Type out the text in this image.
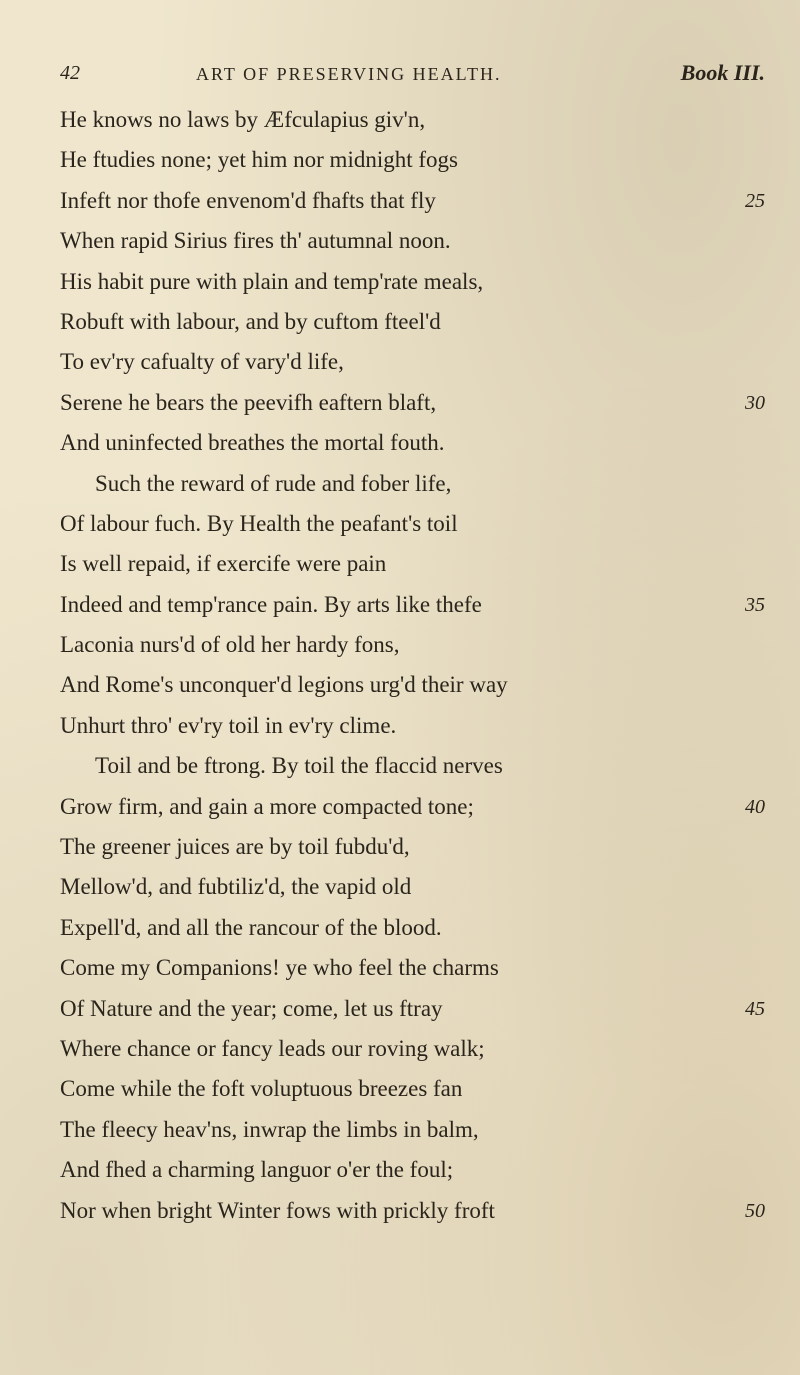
42	ART OF PRESERVING HEALTH.	Book III.
He knows no laws by Æfculapius giv'n,
He ftudies none; yet him nor midnight fogs
Infeft nor thofe envenom'd fhafts that fly	25
When rapid Sirius fires th' autumnal noon.
His habit pure with plain and temp'rate meals,
Robuft with labour, and by cuftom fteel'd
To ev'ry cafualty of vary'd life,
Serene he bears the peevifh eaftern blaft,	30
And uninfected breathes the mortal fouth.
Such the reward of rude and fober life,
Of labour fuch. By Health the peafant's toil
Is well repaid, if exercife were pain
Indeed and temp'rance pain. By arts like thefe	35
Laconia nurs'd of old her hardy fons,
And Rome's unconquer'd legions urg'd their way
Unhurt thro' ev'ry toil in ev'ry clime.
Toil and be ftrong. By toil the flaccid nerves
Grow firm, and gain a more compacted tone;	40
The greener juices are by toil fubdu'd,
Mellow'd, and fubtiliz'd, the vapid old
Expell'd, and all the rancour of the blood.
Come my Companions! ye who feel the charms
Of Nature and the year; come, let us ftray	45
Where chance or fancy leads our roving walk;
Come while the foft voluptuous breezes fan
The fleecy heav'ns, inwrap the limbs in balm,
And fhed a charming languor o'er the foul;
Nor when bright Winter fows with prickly froft	50
